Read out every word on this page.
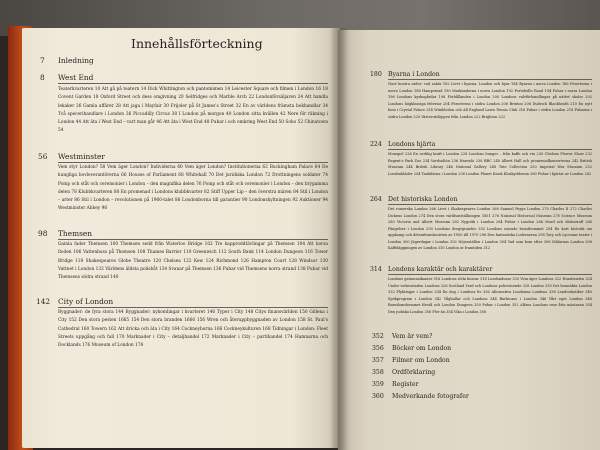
Innehållsförteckning
7 Inledning
8 West End
Teaterkvarteren 10 Att gå på teatern 14 Dick Whittington och pantomimen 14 Leicester Square och filmen i London 16 18 Covent Garden 18 Oxford Street och dess omgivning 20 Selfridges och Marble Arch 22 Londonförsäljaren 24 Att handla lekaker 26 Gamla affärer 28 Att jaga i Mayfair 30 Frijoler på St James's Street 32 En av världens främsta bokhandlar 34 Två specerihandlare i London 36 Piccadilly Circus 38 I London på morgon 40 London sitta kvällen 42 Nere för räkning i London 44 Att äta i West End – vart man går 46 Att äta i West End 48 Pubar i och omkring West End 50 Soho 52 Chinatown 54
56 Westminster
Vem styr London? 58 Vem äger London? Individerna 60 Vem äger London? Institutionerna 62 Buckingham Palace 64 De kungliga hovleverantörerna 66 Houses of Parliament 68 Whitehall 70 Det juridiska London 72 Drottningens soldater 74 Pomp och ståt och ceremonier i London – den magnifika delen 76 Pomp och ståt och ceremonier i London – den brygamma delen 78 Klubbkvarteren 80 En promenad i Londons klubbkvarter 82 Stiff Upper Lip – den överstra mären 84 Stil i London – arter 86 Stil i London – revolutionen på 1960-talet 88 Londonborna till garantier 90 Londonskyltningen 92 Auktioner 94 Westminster Abbey 96
98 Themsen
Gamla fader Themsen 100 Themsen sedd från Waterloo Bridge 102 Tre kapproddtävlingar på Themsen 104 Att korsa floden 106 Vattenbuss på Themsen 108 Thames Barrier 110 Greenwich 112 South Bank 114 London Dungeon 116 Tower Bridge 118 Shakespeares Globe Theatre 120 Chelsea 122 Kew 124 Richmond 126 Hampton Court 128 Windsor 130 Vattnet i London 132 Världens äldsta polisbåt 134 Svanar på Themsen 136 Pubar vid Themsens norra strand 138 Pubar vid Themsens södra strand 140
142 City of London
Byggnader: de fyra stora 144 Byggnader: nykomlingar i kvarteret 146 Typer i City 148 Citys finansvärlden 150 Gillena i City 152 Den stora pesten 1665 154 Den stora branden 1666 156 Wren och återuppbyggnaden av London 158 St. Paul's Cathedral 160 Towern 162 Att dricka och äta i City 164 Cockneyborna 166 Cockneykulturen 168 Tidningar i London: Fleet Streets uppgång och fall 170 Marknader i City – detaljhandel 172 Marknader i City – partihandel 174 Hamnarna och Docklands 176 Museum of London 178
180 Byarna i London
Nuet kontra säder: vad sakär 182 Livet i byarna: London och byar 184 Byarna i norra London 186 Förorterna i norra London 188 Hampstead 190 Marknaderna i norra London 192 Portobello Road 194 Pubar i norra London 196 Londons kyrkogårdar 198 Förhållanden i London 200 Londons valvförhandlingar på nättet skolor 202 Londons högklassiga friteriar 204 Förorterna i södra London 206 Brixton 208 Dulwich Blackheath 210 En nytt hem i Crystal Palace 214 Wimbledon och All England Lawn Tennis Club 216 Pubar i södra London 218 Pubarna i södra London 220 Västerutslöppen från London 222 Brighton 222
224 Londons hjärta
Monopol 226 En verklig kraft i London 228 Londons hunger – från kaffe och vin 230 Chelsea Flower Show 232 Regent's Park Zoo 234 Vardsaltön 236 Harrods 238 BBC 240 Albert Hall och promenadkonserterna 242 British Museum 244 British Library 246 National Gallery 248 Tate Collection 250 Imperial War Museum 252 Londonkläder 254 Tauhilärna i London 256 London Planet Kiosk Kloskyddsrum 260 Pubar i hjärtat av London 262
264 Det historiska London
Det romerska London 266 Livet i Shakespeares London 268 Samuel Pepys London 270 Charles II 272 Charles Dickens London 274 Den stora världsutställningen 1851 276 National Historical Museum 278 Science Museum 280 Victoria and Albert Museum 282 Nygotik i London 284 Pubar i London 286 Mord och dödsstraff 288 Fängelser i London 290 Londons drogtgrunder 292 Londons nisrade heusthemmet 294 En kort historik om uppkomp och detsnittanslunisten av 1950 till 1970 296 Den fantastiska Lodernerna 298 Tory och Lyceums teater i London 300 Jägerdagar i London 302 Nöjesställen i London 304 Vad som kom efter 306 Mälarnas London 308 Kaffeläggningen av London 310 London ut framtiden 312
314 Londons karaktär och karaktärer
Londons gatumusikanter 316 Londons röda bussar 318 Londondusar 320 Vem äger Londons 322 Hundstaden 324 Under vattenstaden Londons 326 Scotland Yard och Londons polisväsende 328 London 330 Det hemsökta London 332 Flyktingar i London 334 En dag i Londons liv 336 Alternativa Londonna Londons 338 Londonbutiker 340 Spökprogram i London 342 Våghallar och Londons 344 Barbicans i London 346 Vårt eget London 348 Barndomshemmet förstå och London Dungeon 350 Pubar i London 352 Alfons Londons rese åtta mästarna 354 Den judiska London 356 Fler än 354 Vika i London 358
352 Vem är vem?
356 Böcker om London
357 Filmer om London
358 Ordförklaring
359 Register
360 Medverkande fotografer
